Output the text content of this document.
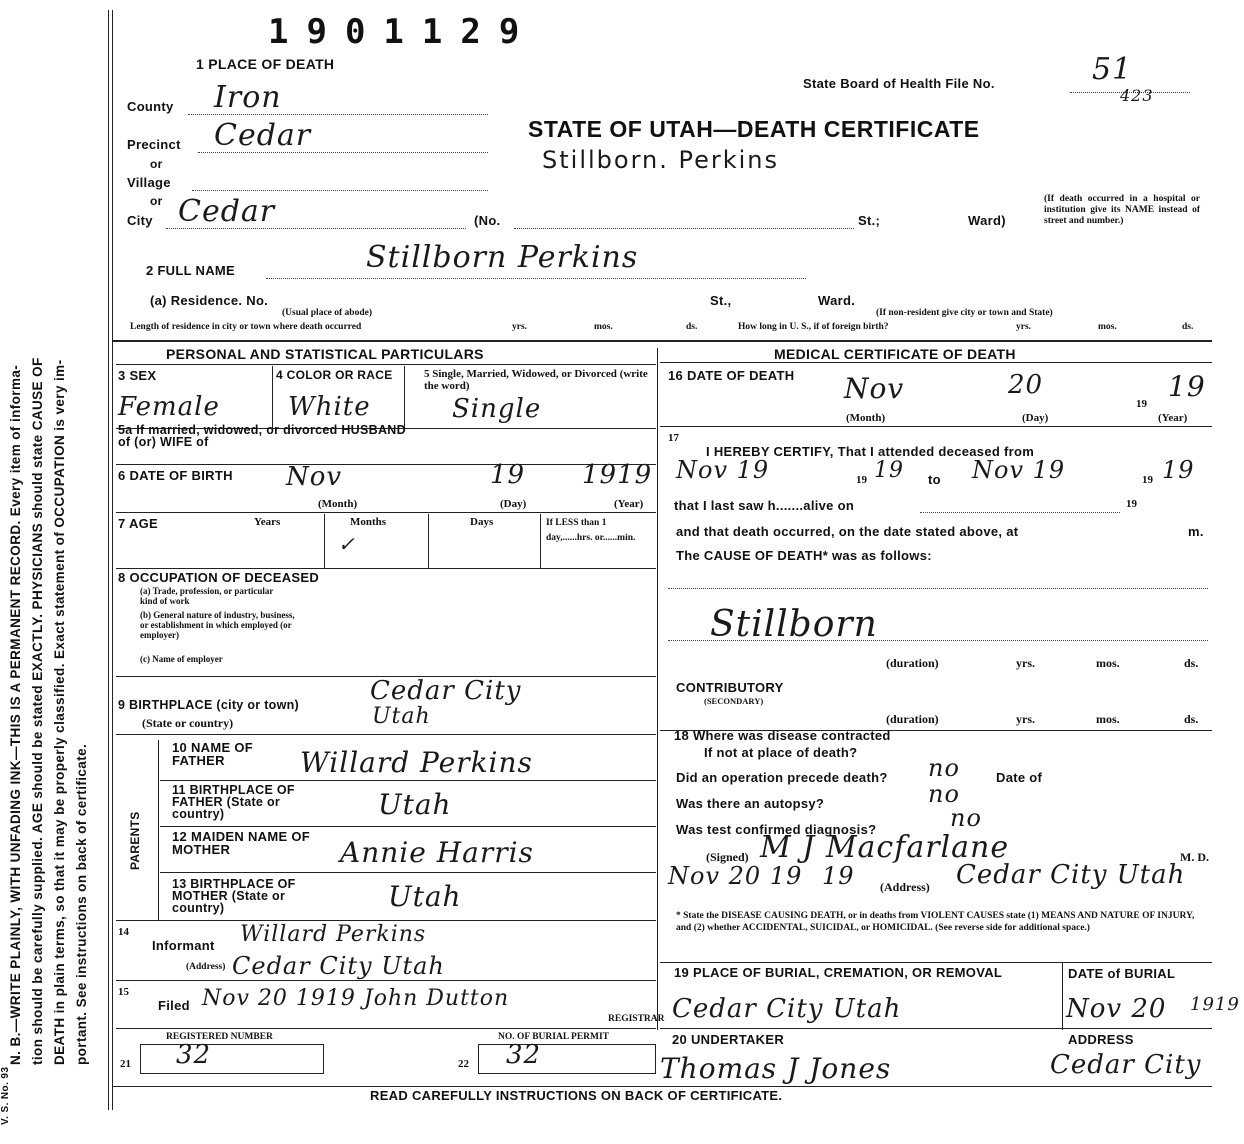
N. B.—WRITE PLAINLY, WITH UNFADING INK—THIS IS A PERMANENT RECORD. Every item of informa- tion should be carefully supplied. AGE should be stated EXACTLY. PHYSICIANS should state CAUSE OF DEATH in plain terms, so that it may be properly classified. Exact statement of OCCUPATION is very im- portant. See instructions on back of certificate.
V. S. No. 93
1901129
1 PLACE OF DEATH
State Board of Health File No.	51
423
County Iron
Precinct Cedar
or
Village
or
City Cedar	(No.	St.;	Ward)
(If death occurred in a hospital or institution give its NAME instead of street and number.)
STATE OF UTAH—DEATH CERTIFICATE
Stillborn. Perkins
2 FULL NAME	Stillborn Perkins
(a) Residence. No.
(Usual place of abode)
St.,	Ward.
(If non-resident give city or town and State)
Length of residence in city or town where death occurred	yrs.	mos.	ds.	How long in U. S., if of foreign birth?	yrs.	mos.	ds.
PERSONAL AND STATISTICAL PARTICULARS
3 SEX
Female
4 COLOR OR RACE
White
5 Single, Married, Widowed, or Divorced (write the word)
Single
5a If married, widowed, or divorced HUSBAND of (or) WIFE of
6 DATE OF BIRTH Nov	19 1919
(Month)	(Day)	(Year)
7 AGE	Years	Months
✓
Days	If LESS than 1 day,......hrs. or......min.
8 OCCUPATION OF DECEASED
(a) Trade, profession, or particular kind of work
(b) General nature of industry, business, or establishment in which employed (or employer)
(c) Name of employer
9 BIRTHPLACE (city or town)	Cedar City
(State or country)	Utah
PARENTS
10 NAME OF FATHER	Willard Perkins
11 BIRTHPLACE OF FATHER (State or country)	Utah
12 MAIDEN NAME OF MOTHER	Annie Harris
13 BIRTHPLACE OF MOTHER (State or country)	Utah
14
Informant Willard Perkins
(Address) Cedar City Utah
15
Filed Nov 20 1919 John Dutton
REGISTRAR
REGISTERED NUMBER
21 32
NO. OF BURIAL PERMIT
22 32
MEDICAL CERTIFICATE OF DEATH
16 DATE OF DEATH Nov	20
19
19
(Month)	(Day)	(Year)
17
I HEREBY CERTIFY, That I attended deceased from
Nov 19	19 19 to Nov 19	19 19
that I last saw h.......alive on	19
and that death occurred, on the date stated above, at	m.
The CAUSE OF DEATH* was as follows:
Stillborn
(duration)	yrs.	mos.	ds.
CONTRIBUTORY
(SECONDARY)
(duration)	yrs.	mos.	ds.
18 Where was disease contracted
If not at place of death?
Did an operation precede death? no	Date of
Was there an autopsy?	no
Was test confirmed diagnosis?	no
(Signed) M J Macfarlane	M. D.
Nov 20 19 19 (Address) Cedar City Utah
* State the DISEASE CAUSING DEATH, or in deaths from VIOLENT CAUSES state (1) MEANS AND NATURE OF INJURY, and (2) whether ACCIDENTAL, SUICIDAL, or HOMICIDAL. (See reverse side for additional space.)
19 PLACE OF BURIAL, CREMATION, OR REMOVAL	DATE of BURIAL
Cedar City Utah	Nov 20 1919
20 UNDERTAKER	ADDRESS
Thomas J Jones	Cedar City
READ CAREFULLY INSTRUCTIONS ON BACK OF CERTIFICATE.
